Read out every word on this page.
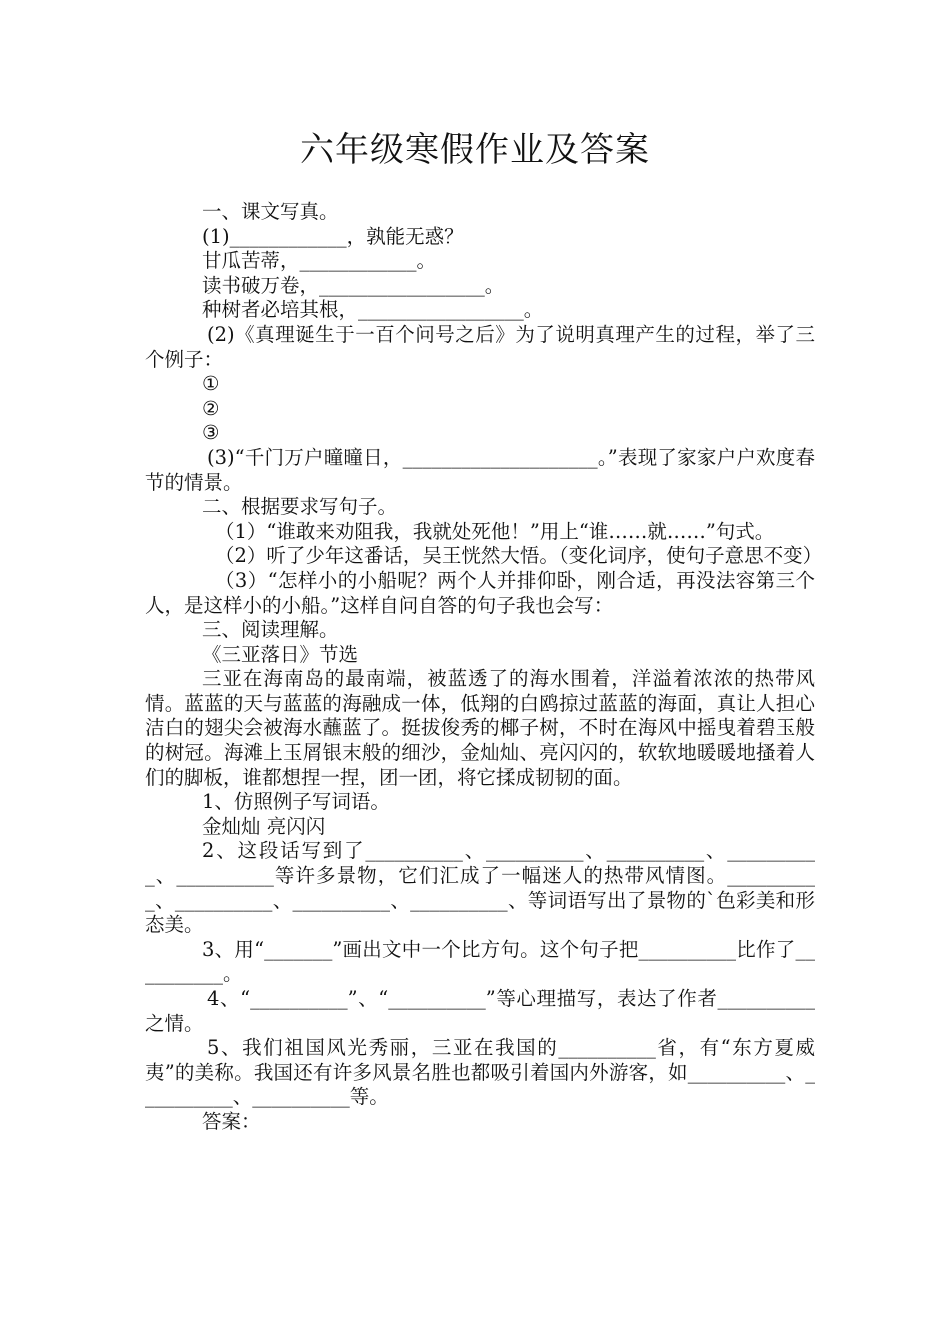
六年级寒假作业及答案

一、课文写真。

(1)____________，孰能无惑？

甘瓜苦蒂，____________。

读书破万卷，_________________。

种树者必培其根，_________________。

(2)《真理诞生于一百个问号之后》为了说明真理产生的过程，举了三个例子：

①

②

③

(3)“千门万户曈曈日，____________________。”表现了家家户户欢度春节的情景。

二、根据要求写句子。

（1）“谁敢来劝阻我，我就处死他！”用上“谁……就……”句式。

（2）听了少年这番话，吴王恍然大悟。（变化词序，使句子意思不变）

（3）“怎样小的小船呢？两个人并排仰卧，刚合适，再没法容第三个人，是这样小的小船。”这样自问自答的句子我也会写：

三、阅读理解。

《三亚落日》节选

三亚在海南岛的最南端，被蓝透了的海水围着，洋溢着浓浓的热带风情。蓝蓝的天与蓝蓝的海融成一体，低翔的白鸥掠过蓝蓝的海面，真让人担心洁白的翅尖会被海水蘸蓝了。挺拔俊秀的椰子树，不时在海风中摇曳着碧玉般的树冠。海滩上玉屑银末般的细沙，金灿灿、亮闪闪的，软软地暖暖地搔着人们的脚板，谁都想捏一捏，团一团，将它揉成韧韧的面。

1、仿照例子写词语。

金灿灿 亮闪闪

2、这段话写到了__________、__________、__________、__________、__________等许多景物，它们汇成了一幅迷人的热带风情图。__________、__________、__________、__________、等词语写出了景物的`色彩美和形态美。

3、用“_______”画出文中一个比方句。这个句子把__________比作了__________。

4、“__________”、“__________”等心理描写，表达了作者__________之情。

5、我们祖国风光秀丽，三亚在我国的__________省，有“东方夏威夷”的美称。我国还有许多风景名胜也都吸引着国内外游客，如__________、__________、__________等。

答案：
